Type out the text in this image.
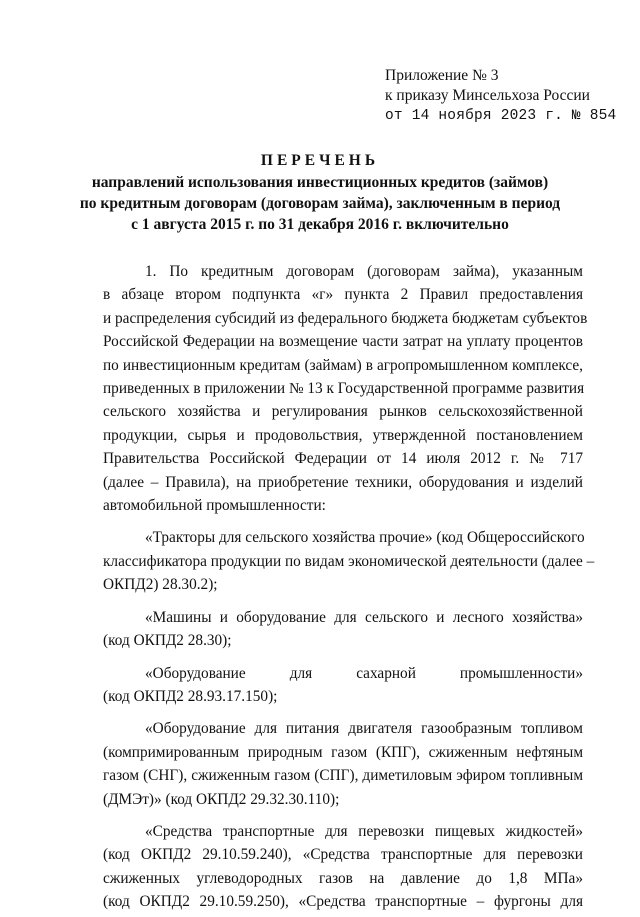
Приложение № 3
к приказу Минсельхоза России
от 14 ноября 2023 г. № 854
ПЕРЕЧЕНЬ
направлений использования инвестиционных кредитов (займов)
по кредитным договорам (договорам займа), заключенным в период
с 1 августа 2015 г. по 31 декабря 2016 г. включительно
1. По кредитным договорам (договорам займа), указанным
в абзаце втором подпункта «г» пункта 2 Правил предоставления
и распределения субсидий из федерального бюджета бюджетам субъектов
Российской Федерации на возмещение части затрат на уплату процентов
по инвестиционным кредитам (займам) в агропромышленном комплексе,
приведенных в приложении № 13 к Государственной программе развития
сельского хозяйства и регулирования рынков сельскохозяйственной
продукции, сырья и продовольствия, утвержденной постановлением
Правительства Российской Федерации от 14 июля 2012 г. № 717
(далее – Правила), на приобретение техники, оборудования и изделий
автомобильной промышленности:
«Тракторы для сельского хозяйства прочие» (код Общероссийского
классификатора продукции по видам экономической деятельности (далее –
ОКПД2) 28.30.2);
«Машины и оборудование для сельского и лесного хозяйства»
(код ОКПД2 28.30);
«Оборудование для сахарной промышленности»
(код ОКПД2 28.93.17.150);
«Оборудование для питания двигателя газообразным топливом
(компримированным природным газом (КПГ), сжиженным нефтяным
газом (СНГ), сжиженным газом (СПГ), диметиловым эфиром топливным
(ДМЭт)» (код ОКПД2 29.32.30.110);
«Средства транспортные для перевозки пищевых жидкостей»
(код ОКПД2 29.10.59.240), «Средства транспортные для перевозки
сжиженных углеводородных газов на давление до 1,8 МПа»
(код ОКПД2 29.10.59.250), «Средства транспортные – фургоны для
